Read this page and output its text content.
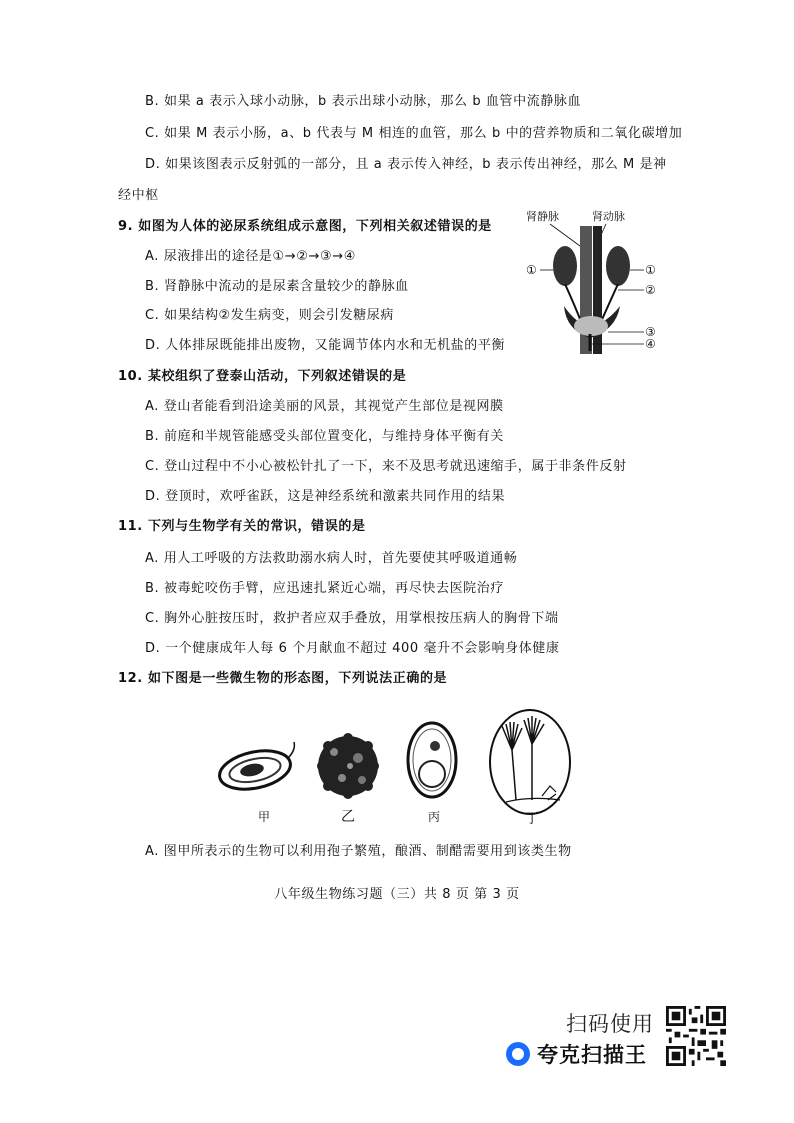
B. 如果 a 表示入球小动脉，b 表示出球小动脉，那么 b 血管中流静脉血
C. 如果 M 表示小肠，a、b 代表与 M 相连的血管，那么 b 中的营养物质和二氧化碳增加
D. 如果该图表示反射弧的一部分，且 a 表示传入神经，b 表示传出神经，那么 M 是神
经中枢
9. 如图为人体的泌尿系统组成示意图，下列相关叙述错误的是
A. 尿液排出的途径是①→②→③→④
B. 肾静脉中流动的是尿素含量较少的静脉血
C. 如果结构②发生病变，则会引发糖尿病
D. 人体排尿既能排出废物，又能调节体内水和无机盐的平衡
肾静脉	肾动脉
①	①
②
③
④
10. 某校组织了登泰山活动，下列叙述错误的是
A. 登山者能看到沿途美丽的风景，其视觉产生部位是视网膜
B. 前庭和半规管能感受头部位置变化，与维持身体平衡有关
C. 登山过程中不小心被松针扎了一下，来不及思考就迅速缩手，属于非条件反射
D. 登顶时，欢呼雀跃，这是神经系统和激素共同作用的结果
11. 下列与生物学有关的常识，错误的是
A. 用人工呼吸的方法救助溺水病人时，首先要使其呼吸道通畅
B. 被毒蛇咬伤手臂，应迅速扎紧近心端，再尽快去医院治疗
C. 胸外心脏按压时，救护者应双手叠放，用掌根按压病人的胸骨下端
D. 一个健康成年人每 6 个月献血不超过 400 毫升不会影响身体健康
12. 如下图是一些微生物的形态图，下列说法正确的是
甲	乙	丙	丁
A. 图甲所表示的生物可以利用孢子繁殖，酿酒、制醋需要用到该类生物
八年级生物练习题（三）共 8 页 第 3 页
扫码使用
夸克扫描王
